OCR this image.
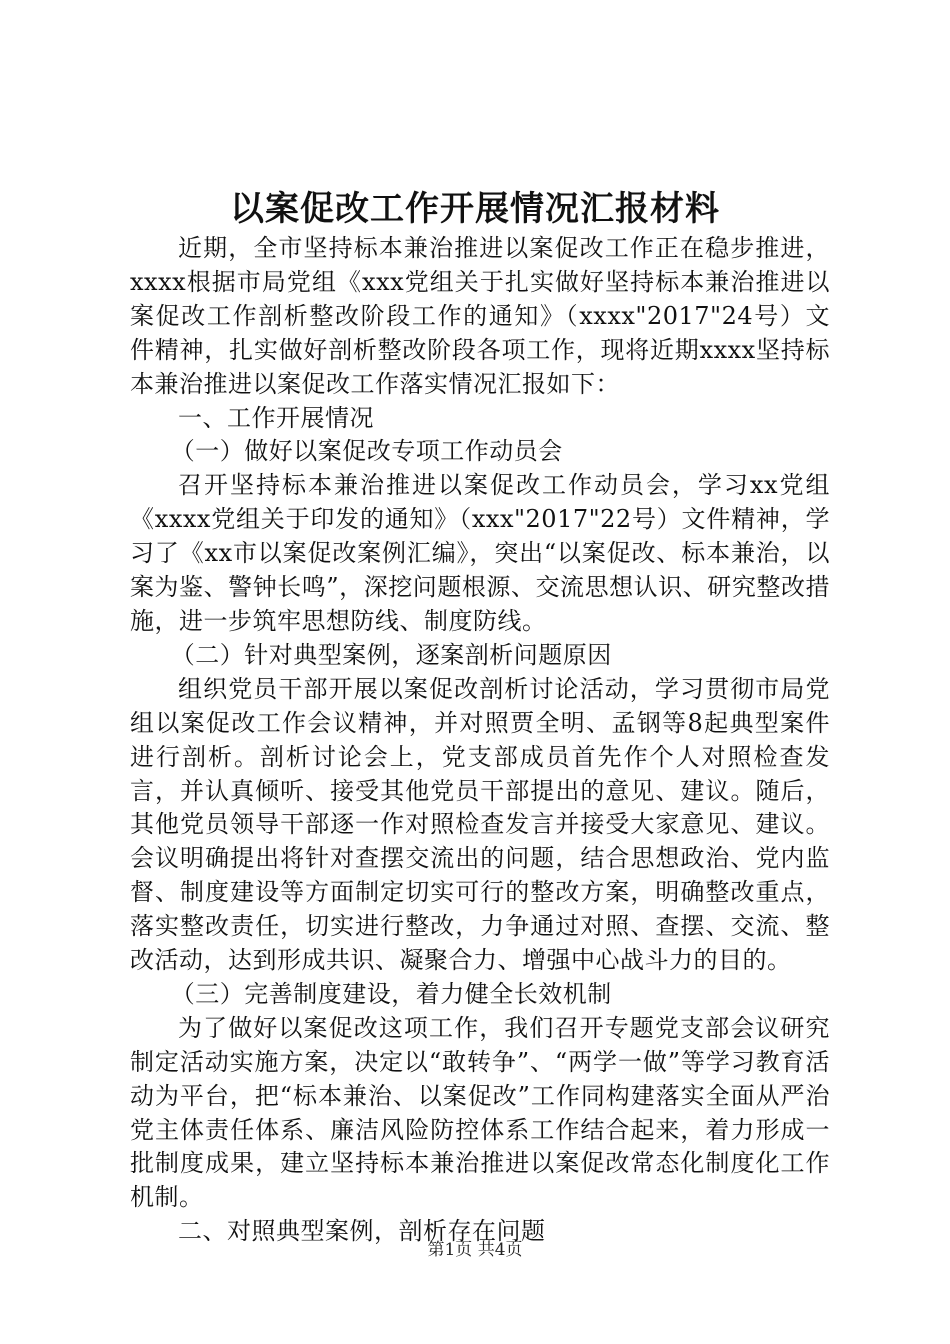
以案促改工作开展情况汇报材料

近期，全市坚持标本兼治推进以案促改工作正在稳步推进，xxxx根据市局党组《xxx党组关于扎实做好坚持标本兼治推进以案促改工作剖析整改阶段工作的通知》（xxxx"2017"24号）文件精神，扎实做好剖析整改阶段各项工作，现将近期xxxx坚持标本兼治推进以案促改工作落实情况汇报如下：

一、工作开展情况

（一）做好以案促改专项工作动员会

召开坚持标本兼治推进以案促改工作动员会，学习xx党组《xxxx党组关于印发的通知》（xxx"2017"22号）文件精神，学习了《xx市以案促改案例汇编》，突出“以案促改、标本兼治，以案为鉴、警钟长鸣”，深挖问题根源、交流思想认识、研究整改措施，进一步筑牢思想防线、制度防线。

（二）针对典型案例，逐案剖析问题原因

组织党员干部开展以案促改剖析讨论活动，学习贯彻市局党组以案促改工作会议精神，并对照贾全明、孟钢等8起典型案件进行剖析。剖析讨论会上，党支部成员首先作个人对照检查发言，并认真倾听、接受其他党员干部提出的意见、建议。随后，其他党员领导干部逐一作对照检查发言并接受大家意见、建议。会议明确提出将针对查摆交流出的问题，结合思想政治、党内监督、制度建设等方面制定切实可行的整改方案，明确整改重点，落实整改责任，切实进行整改，力争通过对照、查摆、交流、整改活动，达到形成共识、凝聚合力、增强中心战斗力的目的。

（三）完善制度建设，着力健全长效机制

为了做好以案促改这项工作，我们召开专题党支部会议研究制定活动实施方案，决定以“敢转争”、“两学一做”等学习教育活动为平台，把“标本兼治、以案促改”工作同构建落实全面从严治党主体责任体系、廉洁风险防控体系工作结合起来，着力形成一批制度成果，建立坚持标本兼治推进以案促改常态化制度化工作机制。

二、对照典型案例，剖析存在问题

第1页 共4页
